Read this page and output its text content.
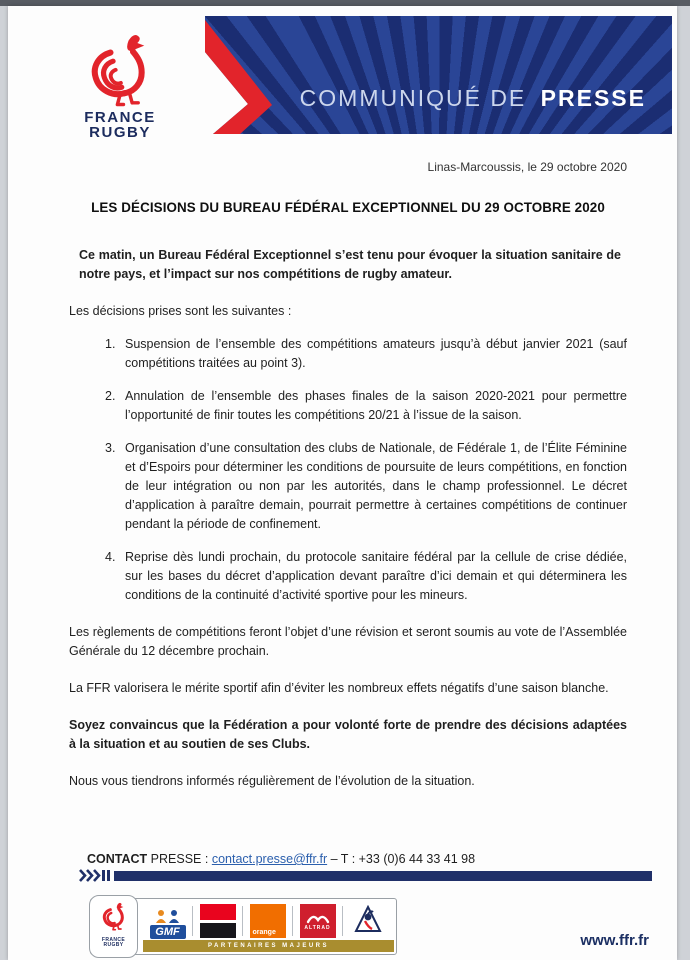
FRANCE
RUGBY
COMMUNIQUÉ DE PRESSE
Linas-Marcoussis, le 29 octobre 2020
LES DÉCISIONS DU BUREAU FÉDÉRAL EXCEPTIONNEL DU 29 OCTOBRE 2020

Ce matin, un Bureau Fédéral Exceptionnel s’est tenu pour évoquer la situation sanitaire de notre pays, et l’impact sur nos compétitions de rugby amateur.

Les décisions prises sont les suivantes :

1. Suspension de l’ensemble des compétitions amateurs jusqu’à début janvier 2021 (sauf compétitions traitées au point 3).
2. Annulation de l’ensemble des phases finales de la saison 2020-2021 pour permettre l’opportunité de finir toutes les compétitions 20/21 à l’issue de la saison.
3. Organisation d’une consultation des clubs de Nationale, de Fédérale 1, de l’Élite Féminine et d’Espoirs pour déterminer les conditions de poursuite de leurs compétitions, en fonction de leur intégration ou non par les autorités, dans le champ professionnel. Le décret d’application à paraître demain, pourrait permettre à certaines compétitions de continuer pendant la période de confinement.
4. Reprise dès lundi prochain, du protocole sanitaire fédéral par la cellule de crise dédiée, sur les bases du décret d’application devant paraître d’ici demain et qui déterminera les conditions de la continuité d’activité sportive pour les mineurs.

Les règlements de compétitions feront l’objet d’une révision et seront soumis au vote de l’Assemblée Générale du 12 décembre prochain.

La FFR valorisera le mérite sportif afin d’éviter les nombreux effets négatifs d’une saison blanche.

Soyez convaincus que la Fédération a pour volonté forte de prendre des décisions adaptées à la situation et au soutien de ses Clubs.

Nous vous tiendrons informés régulièrement de l’évolution de la situation.

CONTACT PRESSE : contact.presse@ffr.fr – T : +33 (0)6 44 33 41 98
FRANCE
RUGBY
GMF	orange
ALTRAD
PARTENAIRES MAJEURS	www.ffr.fr
